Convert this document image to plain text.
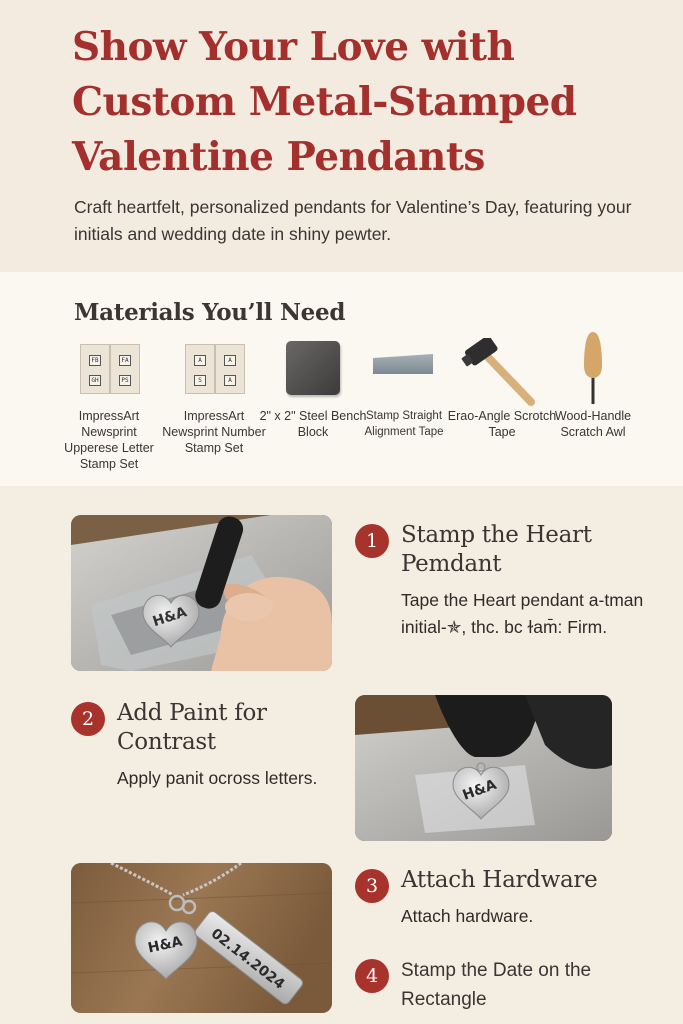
Show Your Love with Custom Metal-Stamped Valentine Pendants

Craft heartfelt, personalized pendants for Valentine’s Day, featuring your initials and wedding date in shiny pewter.

Materials You’ll Need
FB
GH
FA
PS
ImpressArt Newsprint Upperese Letter Stamp Set
A
S
A
A
ImpressArt Newsprint Number Stamp Set
2" x 2" Steel Bench Block
Stamp Straight Alignment Tape
Erao-Angle Scrotch Tape
Wood-Handle Scratch Awl
H&A
1 Stamp the Heart Pemdant
Tape the Heart pendant a-tman initial-✯, thc. bc ɫam̄: Firm.
2 Add Paint for Contrast
Apply panit ocross letters.	H&A
H&A 02.14.2024
3 Attach Hardware
Attach hardware.
4	Stamp the Date on the Rectangle
